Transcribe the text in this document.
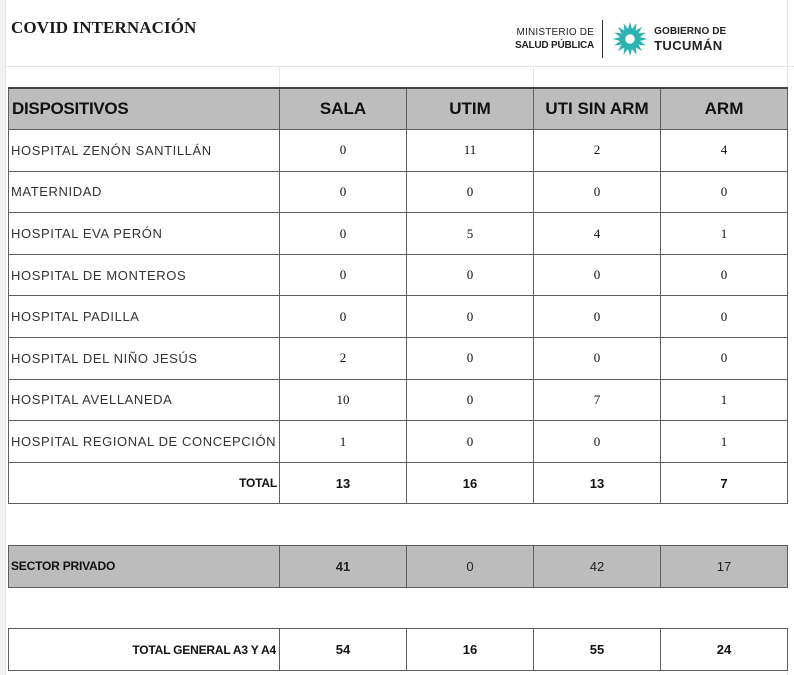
COVID INTERNACIÓN	MINISTERIO DE
SALUD PÚBLICA
GOBIERNO DE
TUCUMÁN
DISPOSITIVOS	SALA	UTIM	UTI SIN ARM	ARM
HOSPITAL ZENÓN SANTILLÁN	0	11	2	4
MATERNIDAD	0	0	0	0
HOSPITAL EVA PERÓN	0	5	4	1
HOSPITAL DE MONTEROS	0	0	0	0
HOSPITAL PADILLA	0	0	0	0
HOSPITAL DEL NIÑO JESÚS	2	0	0	0
HOSPITAL AVELLANEDA	10	0	7	1
HOSPITAL REGIONAL DE CONCEPCIÓN	1	0	0	1
TOTAL	13	16	13	7

SECTOR PRIVADO	41	0	42	17

TOTAL GENERAL A3 Y A4	54	16	55	24
